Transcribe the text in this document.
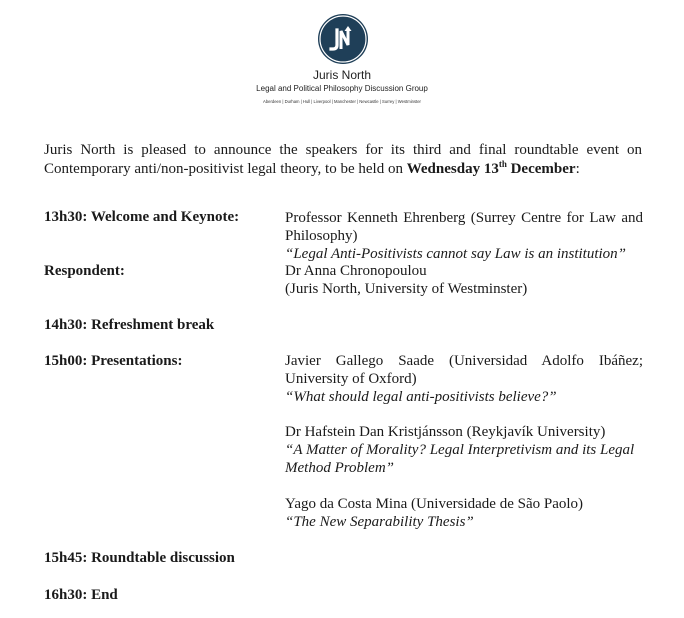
Juris North
Legal and Political Philosophy Discussion Group
Aberdeen | Durham | Hull | Liverpool | Manchester | Newcastle | Surrey | Westminster
Juris North is pleased to announce the speakers for its third and final roundtable event on Contemporary anti/non-positivist legal theory, to be held on Wednesday 13th December:
13h30: Welcome and Keynote:	Professor Kenneth Ehrenberg (Surrey Centre for Law and Philosophy)
“Legal Anti-Positivists cannot say Law is an institution”
Respondent:	Dr Anna Chronopoulou
(Juris North, University of Westminster)
14h30: Refreshment break
15h00: Presentations:	Javier Gallego Saade (Universidad Adolfo Ibáñez; University of Oxford)
“What should legal anti-positivists believe?”
Dr Hafstein Dan Kristjánsson (Reykjavík University)
“A Matter of Morality? Legal Interpretivism and its Legal Method Problem”
Yago da Costa Mina (Universidade de São Paolo)
“The New Separability Thesis”
15h45: Roundtable discussion
16h30: End
